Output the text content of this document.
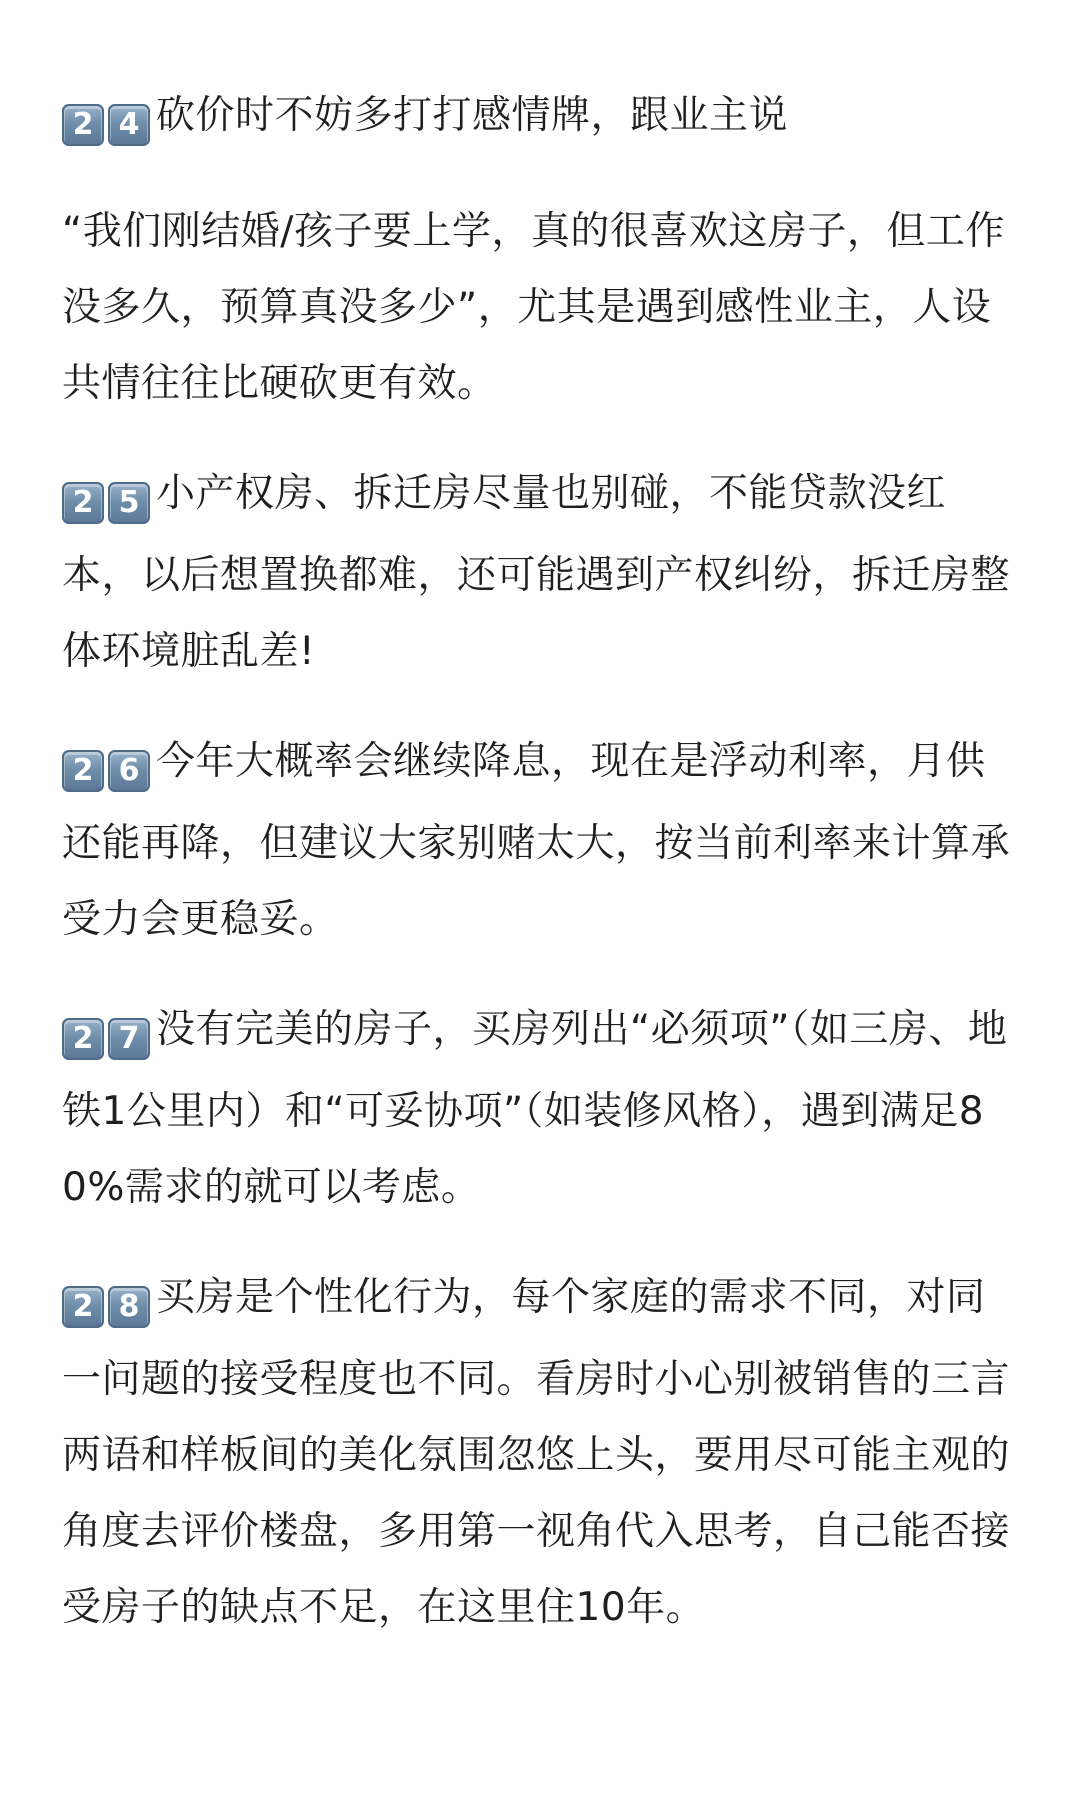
2 4 砍价时不妨多打打感情牌，跟业主说

“我们刚结婚/孩子要上学，真的很喜欢这房子，但工作没多久，预算真没多少”，尤其是遇到感性业主，人设共情往往比硬砍更有效。

2 5 小产权房、拆迁房尽量也别碰，不能贷款没红本，以后想置换都难，还可能遇到产权纠纷，拆迁房整体环境脏乱差!

2 6 今年大概率会继续降息，现在是浮动利率，月供还能再降，但建议大家别赌太大，按当前利率来计算承受力会更稳妥。

2 7 没有完美的房子，买房列出“必须项”（如三房、地铁1公里内）和“可妥协项”（如装修风格），遇到满足80%需求的就可以考虑。

2 8 买房是个性化行为，每个家庭的需求不同，对同一问题的接受程度也不同。看房时小心别被销售的三言两语和样板间的美化氛围忽悠上头，要用尽可能主观的角度去评价楼盘，多用第一视角代入思考，自己能否接受房子的缺点不足，在这里住10年。
